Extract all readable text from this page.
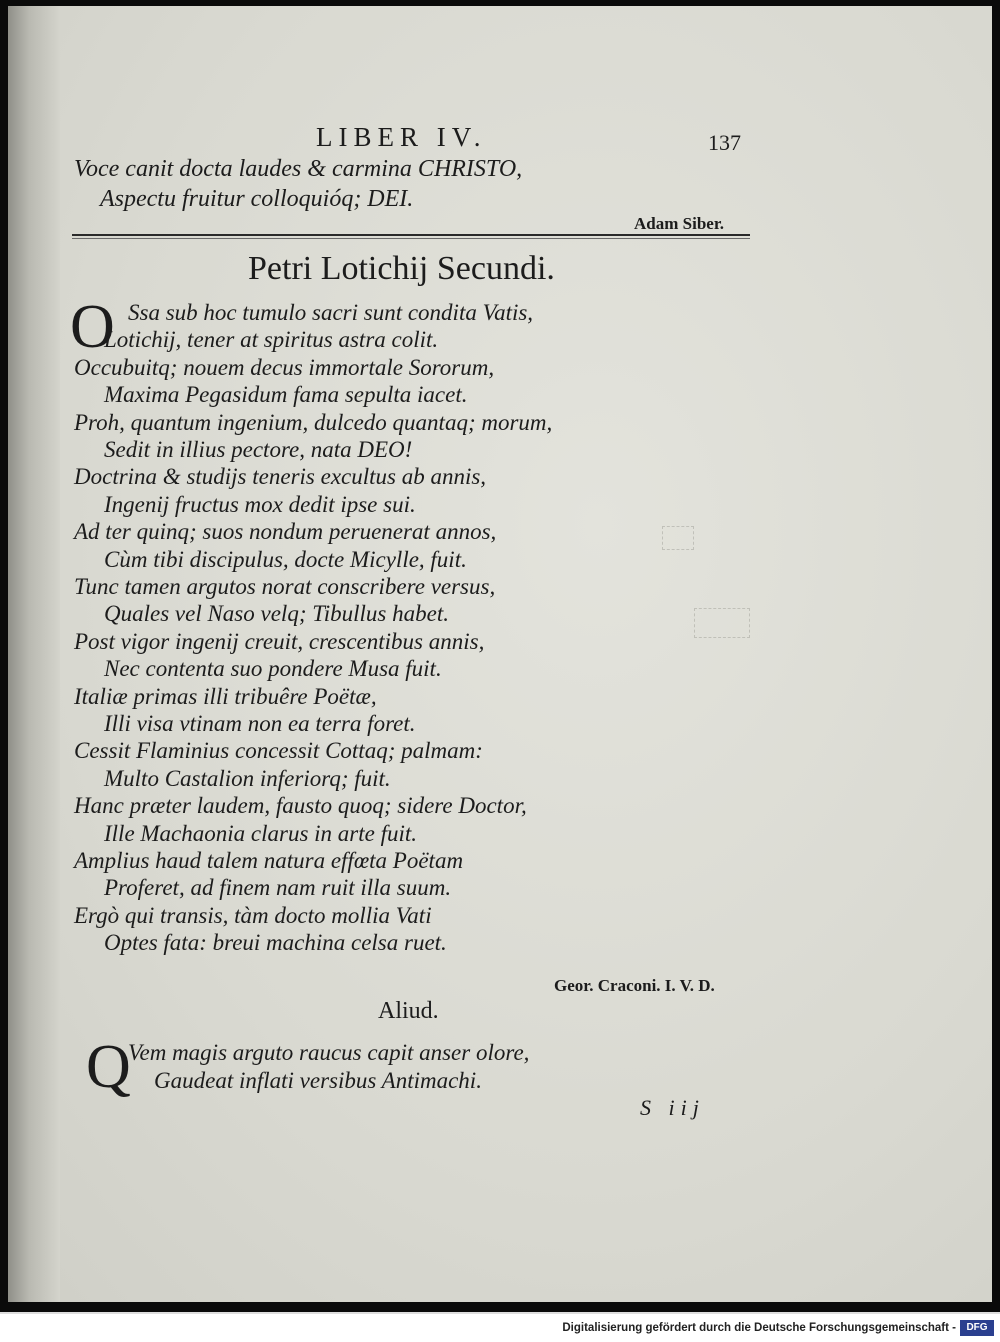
LIBER IV.	137
Voce canit docta laudes & carmina CHRISTO,
Aspectu fruitur colloquióq; DEI.
Adam Siber.
Petri Lotichij Secundi.
O Ssa sub hoc tumulo sacri sunt condita Vatis,
Lotichij, tener at spiritus astra colit.
Occubuitq; nouem decus immortale Sororum,
Maxima Pegasidum fama sepulta iacet.
Proh, quantum ingenium, dulcedo quantaq; morum,
Sedit in illius pectore, nata DEO!
Doctrina & studijs teneris excultus ab annis,
Ingenij fructus mox dedit ipse sui.
Ad ter quinq; suos nondum peruenerat annos,
Cùm tibi discipulus, docte Micylle, fuit.
Tunc tamen argutos norat conscribere versus,
Quales vel Naso velq; Tibullus habet.
Post vigor ingenij creuit, crescentibus annis,
Nec contenta suo pondere Musa fuit.
Italiæ primas illi tribuêre Poëtæ,
Illi visa vtinam non ea terra foret.
Cessit Flaminius concessit Cottaq; palmam:
Multo Castalion inferiorq; fuit.
Hanc præter laudem, fausto quoq; sidere Doctor,
Ille Machaonia clarus in arte fuit.
Amplius haud talem natura effœta Poëtam
Proferet, ad finem nam ruit illa suum.
Ergò qui transis, tàm docto mollia Vati
Optes fata: breui machina celsa ruet.
Geor. Craconi. I. V. D.
Aliud.
Q
Vem magis arguto raucus capit anser olore,
Gaudeat inflati versibus Antimachi.
S iij
Digitalisierung gefördert durch die Deutsche Forschungsgemeinschaft -	DFG
